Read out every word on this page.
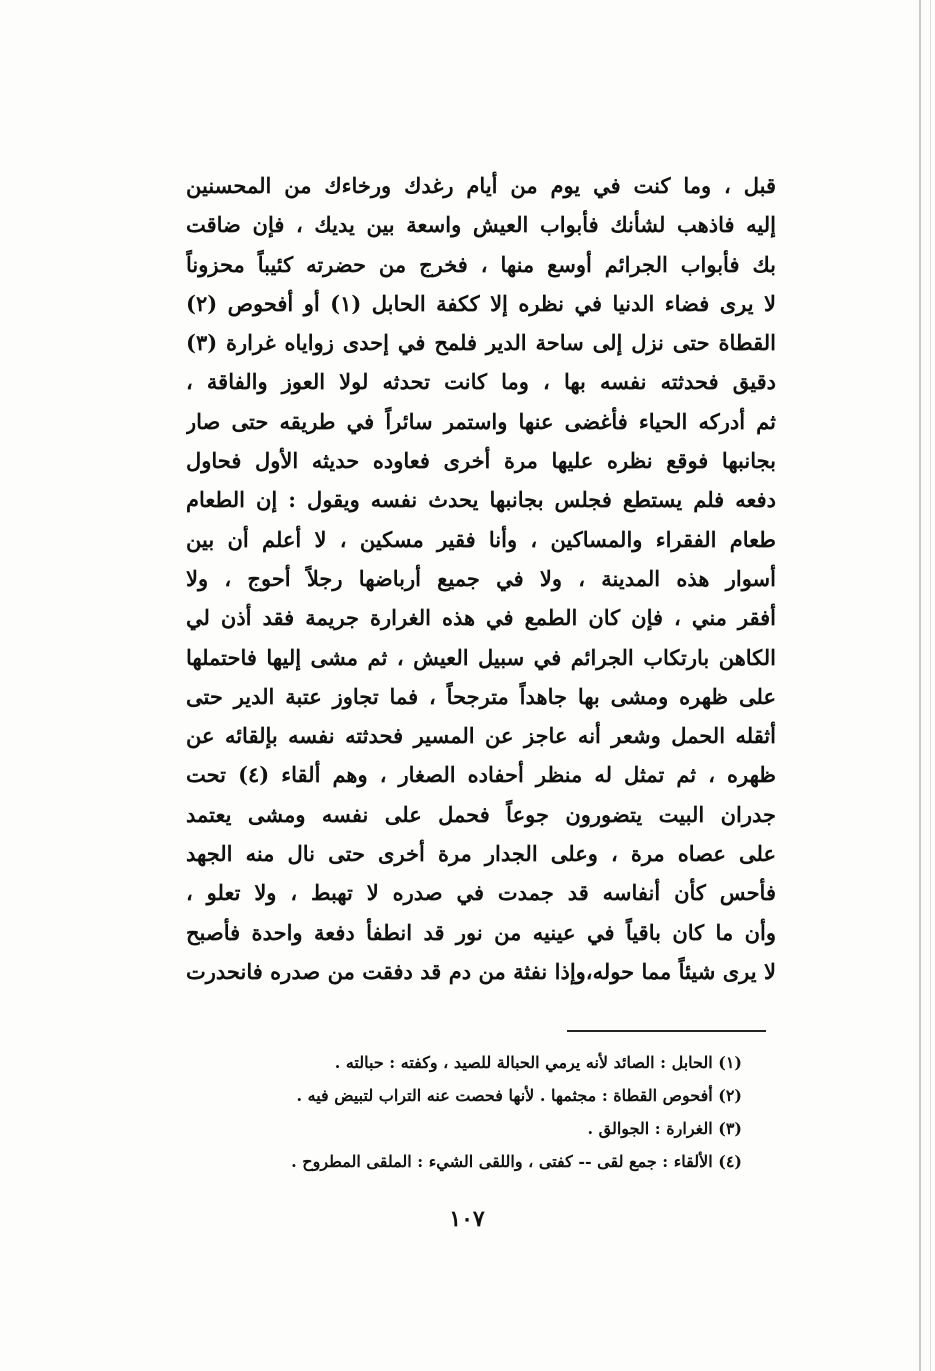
قبل ، وما كنت في يوم من أيام رغدك ورخاءك من المحسنين
إليه فاذهب لشأنك فأبواب العيش واسعة بين يديك ، فإن ضاقت
بك فأبواب الجرائم أوسع منها ، فخرج من حضرته كئيباً محزوناً
لا يرى فضاء الدنيا في نظره إلا ككفة الحابل (١) أو أفحوص (٢)
القطاة حتى نزل إلى ساحة الدير فلمح في إحدى زواياه غرارة (٣)
دقيق فحدثته نفسه بها ، وما كانت تحدثه لولا العوز والفاقة ،
ثم أدركه الحياء فأغضى عنها واستمر سائراً في طريقه حتى صار
بجانبها فوقع نظره عليها مرة أخرى فعاوده حديثه الأول فحاول
دفعه فلم يستطع فجلس بجانبها يحدث نفسه ويقول : إن الطعام
طعام الفقراء والمساكين ، وأنا فقير مسكين ، لا أعلم أن بين
أسوار هذه المدينة ، ولا في جميع أرباضها رجلاً أحوج ، ولا
أفقر مني ، فإن كان الطمع في هذه الغرارة جريمة فقد أذن لي
الكاهن بارتكاب الجرائم في سبيل العيش ، ثم مشى إليها فاحتملها
على ظهره ومشى بها جاهداً مترجحاً ، فما تجاوز عتبة الدير حتى
أثقله الحمل وشعر أنه عاجز عن المسير فحدثته نفسه بإلقائه عن
ظهره ، ثم تمثل له منظر أحفاده الصغار ، وهم ألقاء (٤) تحت
جدران البيت يتضورون جوعاً فحمل على نفسه ومشى يعتمد
على عصاه مرة ، وعلى الجدار مرة أخرى حتى نال منه الجهد
فأحس كأن أنفاسه قد جمدت في صدره لا تهبط ، ولا تعلو ،
وأن ما كان باقياً في عينيه من نور قد انطفأ دفعة واحدة فأصبح
لا يرى شيئاً مما حوله،وإذا نفثة من دم قد دفقت من صدره فانحدرت
(١) الحابل : الصائد لأنه يرمي الحبالة للصيد ، وكفته : حبالته .
(٢) أفحوص القطاة : مجثمها . لأنها فحصت عنه التراب لتبيض فيه .
(٣) الغرارة : الجوالق .
(٤) الألقاء : جمع لقى -- كفتى ، واللقى الشيء : الملقى المطروح .
١٠٧
